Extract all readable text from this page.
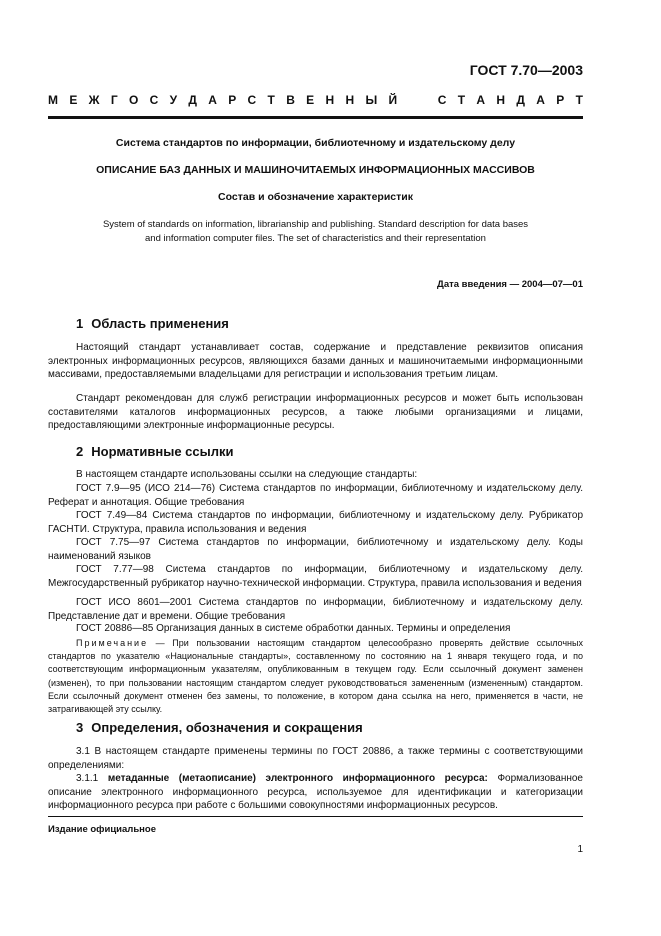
ГОСТ 7.70—2003
М Е Ж Г О С У Д А Р С Т В Е Н Н Ы Й

	С Т А Н Д А Р Т
Система стандартов по информации, библиотечному и издательскому делу
ОПИСАНИЕ БАЗ ДАННЫХ И МАШИНОЧИТАЕМЫХ ИНФОРМАЦИОННЫХ МАССИВОВ
Состав и обозначение характеристик
System of standards on information, librarianship and publishing. Standard description for data bases
and information computer files. The set of characteristics and their representation
Дата введения — 2004—07—01
1 Область применения
Настоящий стандарт устанавливает состав, содержание и представление реквизитов описания электронных информационных ресурсов, являющихся базами данных и машиночитаемыми информационными массивами, предоставляемыми владельцами для регистрации и использования третьим лицам.
Стандарт рекомендован для служб регистрации информационных ресурсов и может быть использован составителями каталогов информационных ресурсов, а также любыми организациями и лицами, предоставляющими электронные информационные ресурсы.
2 Нормативные ссылки
В настоящем стандарте использованы ссылки на следующие стандарты:
ГОСТ 7.9—95 (ИСО 214—76) Система стандартов по информации, библиотечному и издательскому делу. Реферат и аннотация. Общие требования
ГОСТ 7.49—84 Система стандартов по информации, библиотечному и издательскому делу. Рубрикатор ГАСНТИ. Структура, правила использования и ведения
ГОСТ 7.75—97 Система стандартов по информации, библиотечному и издательскому делу. Коды наименований языков
ГОСТ 7.77—98 Система стандартов по информации, библиотечному и издательскому делу. Межгосударственный рубрикатор научно-технической информации. Структура, правила использования и ведения
ГОСТ ИСО 8601—2001 Система стандартов по информации, библиотечному и издательскому делу. Представление дат и времени. Общие требования
ГОСТ 20886—85 Организация данных в системе обработки данных. Термины и определения
Примечание — При пользовании настоящим стандартом целесообразно проверять действие ссылочных стандартов по указателю «Национальные стандарты», составленному по состоянию на 1 января текущего года, и по соответствующим информационным указателям, опубликованным в текущем году. Если ссылочный документ заменен (изменен), то при пользовании настоящим стандартом следует руководствоваться замененным (измененным) стандартом. Если ссылочный документ отменен без замены, то положение, в котором дана ссылка на него, применяется в части, не затрагивающей эту ссылку.
3 Определения, обозначения и сокращения
3.1 В настоящем стандарте применены термины по ГОСТ 20886, а также термины с соответствующими определениями:
3.1.1 метаданные (метаописание) электронного информационного ресурса: Формализованное описание электронного информационного ресурса, используемое для идентификации и категоризации информационного ресурса при работе с большими совокупностями информационных ресурсов.
Издание официальное
1
